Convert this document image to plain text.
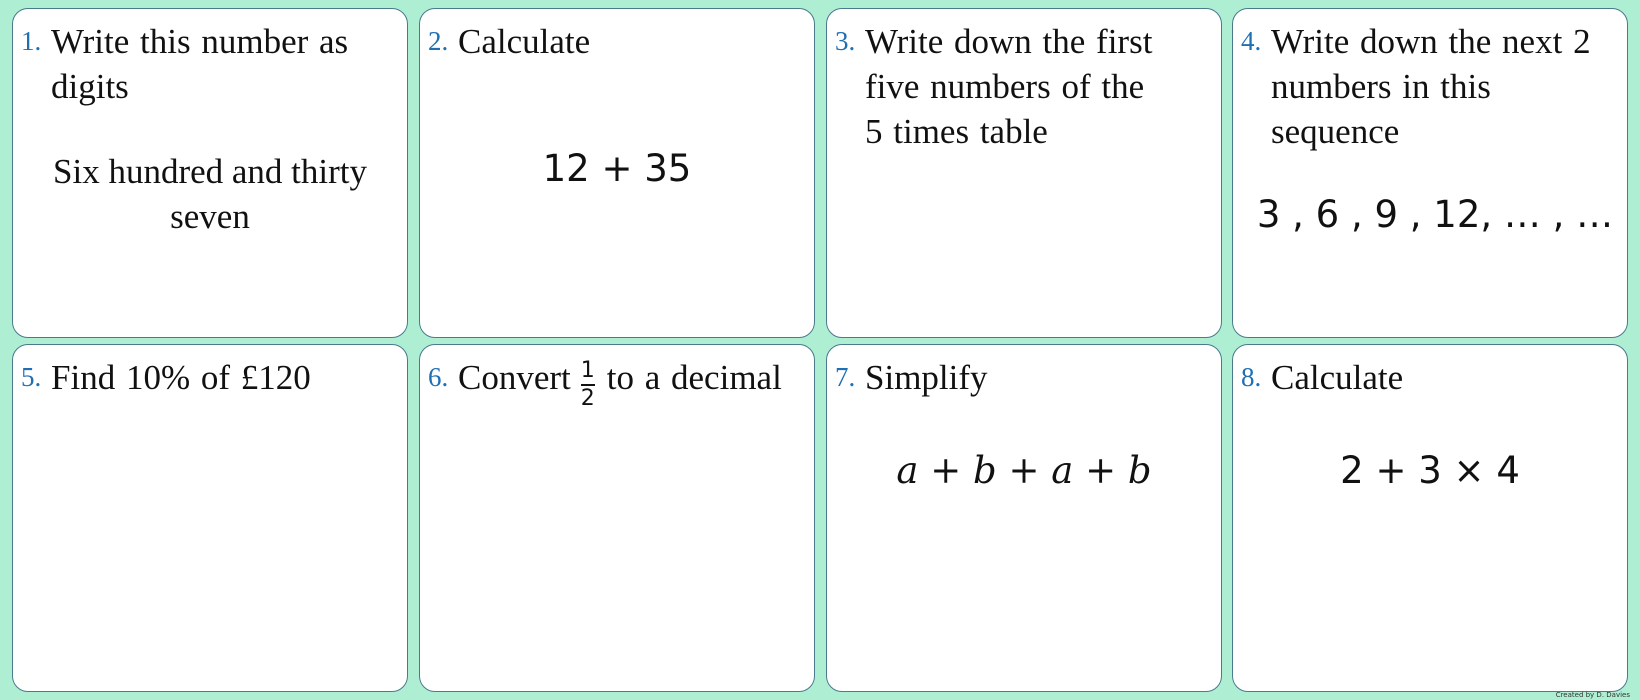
1. Write this number as digits
Six hundred and thirty seven
2. Calculate
12 + 35
3. Write down the first five numbers of the 5 times table
4. Write down the next 2 numbers in this sequence
3 , 6 , 9 , 12, … , …
5. Find 10% of £120	6. Convert $\frac{1}{2}$ to a decimal 7. Simplify
a + b + a + b
8. Calculate
2 + 3 × 4
Created by D. Davies
